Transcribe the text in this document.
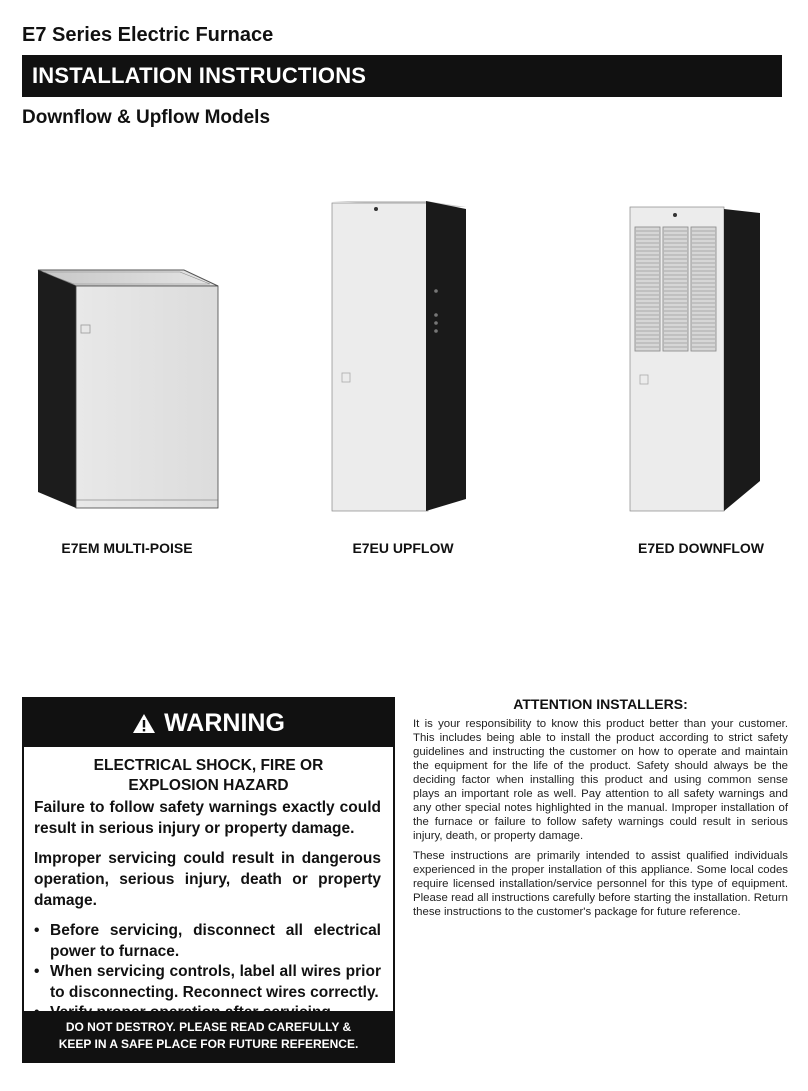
E7 Series Electric Furnace
INSTALLATION INSTRUCTIONS
Downflow & Upflow Models
E7EM MULTI-POISE	E7EU UPFLOW	E7ED DOWNFLOW
WARNING
ELECTRICAL SHOCK, FIRE OR
EXPLOSION HAZARD

Failure to follow safety warnings exactly could result in serious injury or property damage.

Improper servicing could result in dangerous operation, serious injury, death or property damage.

• Before servicing, disconnect all electrical power to furnace.
• When servicing controls, label all wires prior to disconnecting. Reconnect wires correctly.
•
DO NOT DESTROY. PLEASE READ CAREFULLY &
KEEP IN A SAFE PLACE FOR FUTURE REFERENCE.
ATTENTION INSTALLERS:

It is your responsibility to know this product better than your customer. This includes being able to install the product according to strict safety guidelines and instructing the customer on how to operate and maintain the equipment for the life of the product. Safety should always be the deciding factor when installing this product and using common sense plays an important role as well. Pay attention to all safety warnings and any other special notes highlighted in the manual. Improper installation of the furnace or failure to follow safety warnings could result in serious injury, death, or property damage.

These instructions are primarily intended to assist qualified individuals experienced in the proper installation of this appliance. Some local codes require licensed installation/service personnel for this type of equipment. Please read all instructions carefully before starting the installation. Return these instructions to the customer's package for future reference.
